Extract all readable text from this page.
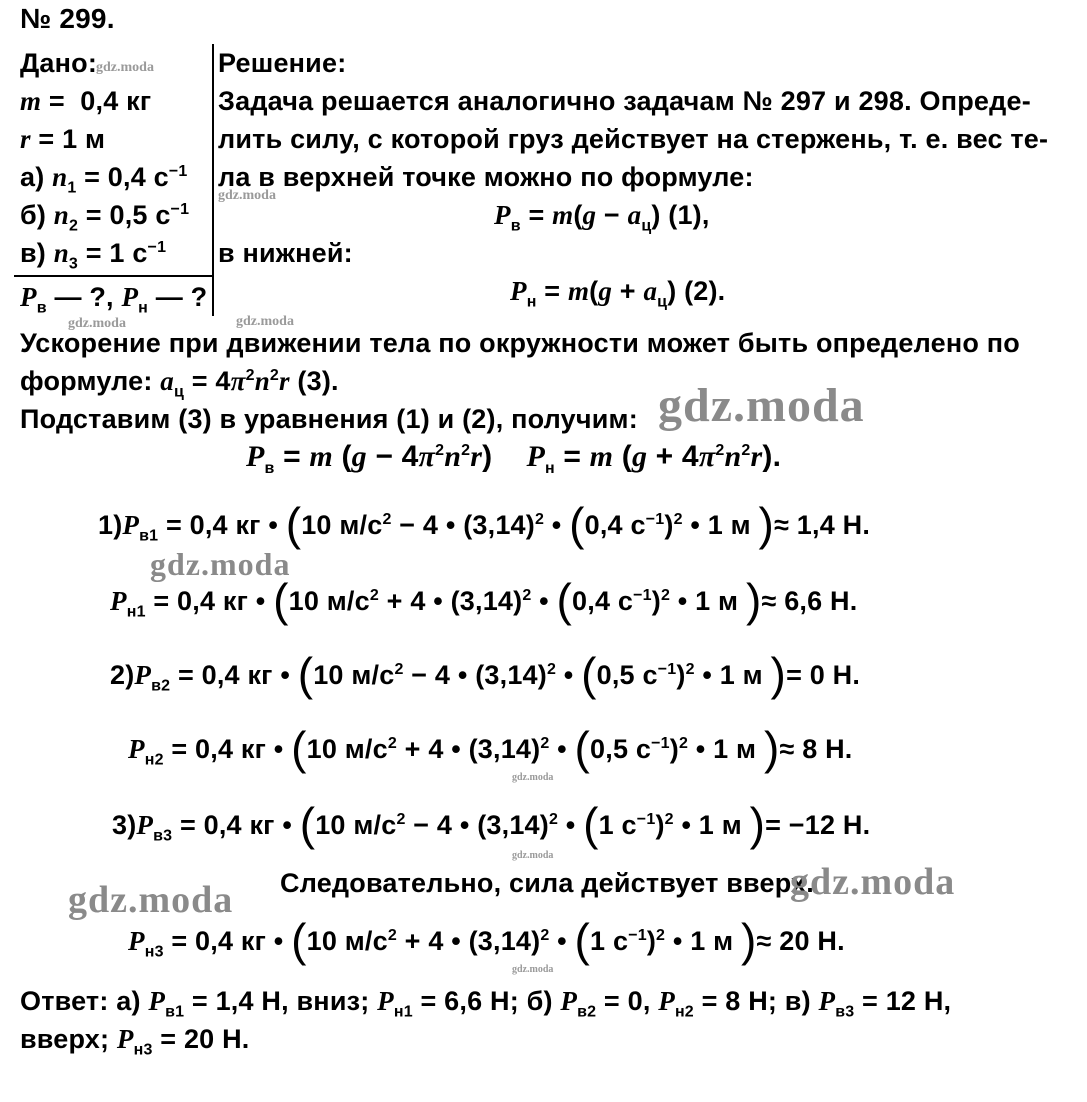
№ 299.
Дано:
m =  0,4 кг
r = 1 м
а) $n_1 = 0,4$ $с^{-1}$
б) $n_2 = 0,5$ $с^{-1}$
в) $n_3 = 1$ $с^{-1}$
$P_в$ — ?, $P_н$ — ?
Решение:
Задача решается аналогично задачам № 297 и 298. Опреде-
лить силу, с которой груз действует на стержень, т. е. вес те-
ла в верхней точке можно по формуле:
$P_в = m(g - a_ц)$ (1),
в нижней:
$P_н = m(g + a_ц)$ (2).
Ускорение при движении тела по окружности может быть определено по
формуле: $a_ц = 4\pi^2n^2r$ (3).
Подставим (3) в уравнения (1) и (2), получим:
$P_в = m$ $(g - 4\pi^2n^2r)$    $P_н = m$ $(g + 4\pi^2n^2r)$.
$1)P_{в1} = 0,4$ кг • (10 $м/с^2 - 4$ • $(3,14)^2$ • (0,4 $с^{-1})^2$ • 1 м )≈ 1,4 Н.
$P_{н1} = 0,4$ кг • (10 $м/с^2 + 4$ • $(3,14)^2$ • (0,4 $с^{-1})^2$ • 1 м )≈ 6,6 Н.
$2)P_{в2} = 0,4$ кг • (10 $м/с^2 - 4$ • $(3,14)^2$ • (0,5 $с^{-1})^2$ • 1 м )= 0 Н.
$P_{н2} = 0,4$ кг • (10 $м/с^2 + 4$ • $(3,14)^2$ • (0,5 $с^{-1})^2$ • 1 м )≈ 8 Н.
$3)P_{в3} = 0,4$ кг • (10 $м/с^2 - 4$ • $(3,14)^2$ • (1 $с^{-1})^2$ • 1 м )= −12 Н.
Следовательно, сила действует вверх.
$P_{н3} = 0,4$ кг • (10 $м/с^2 + 4$ • $(3,14)^2$ • (1 $с^{-1})^2$ • 1 м )≈ 20 Н.
Ответ: а) $P_{в1} = 1,4$ Н, вниз; $P_{н1} = 6,6$ Н; б) $P_{в2} = 0$, $P_{н2} = 8$ Н; в) $P_{в3} = 12$ Н,
вверх; $P_{н3} = 20$ Н.
gdz.moda
gdz.moda
gdz.moda	gdz.moda
gdz.moda
gdz.moda
gdz.moda
gdz.moda
gdz.moda	gdz.moda
gdz.moda
